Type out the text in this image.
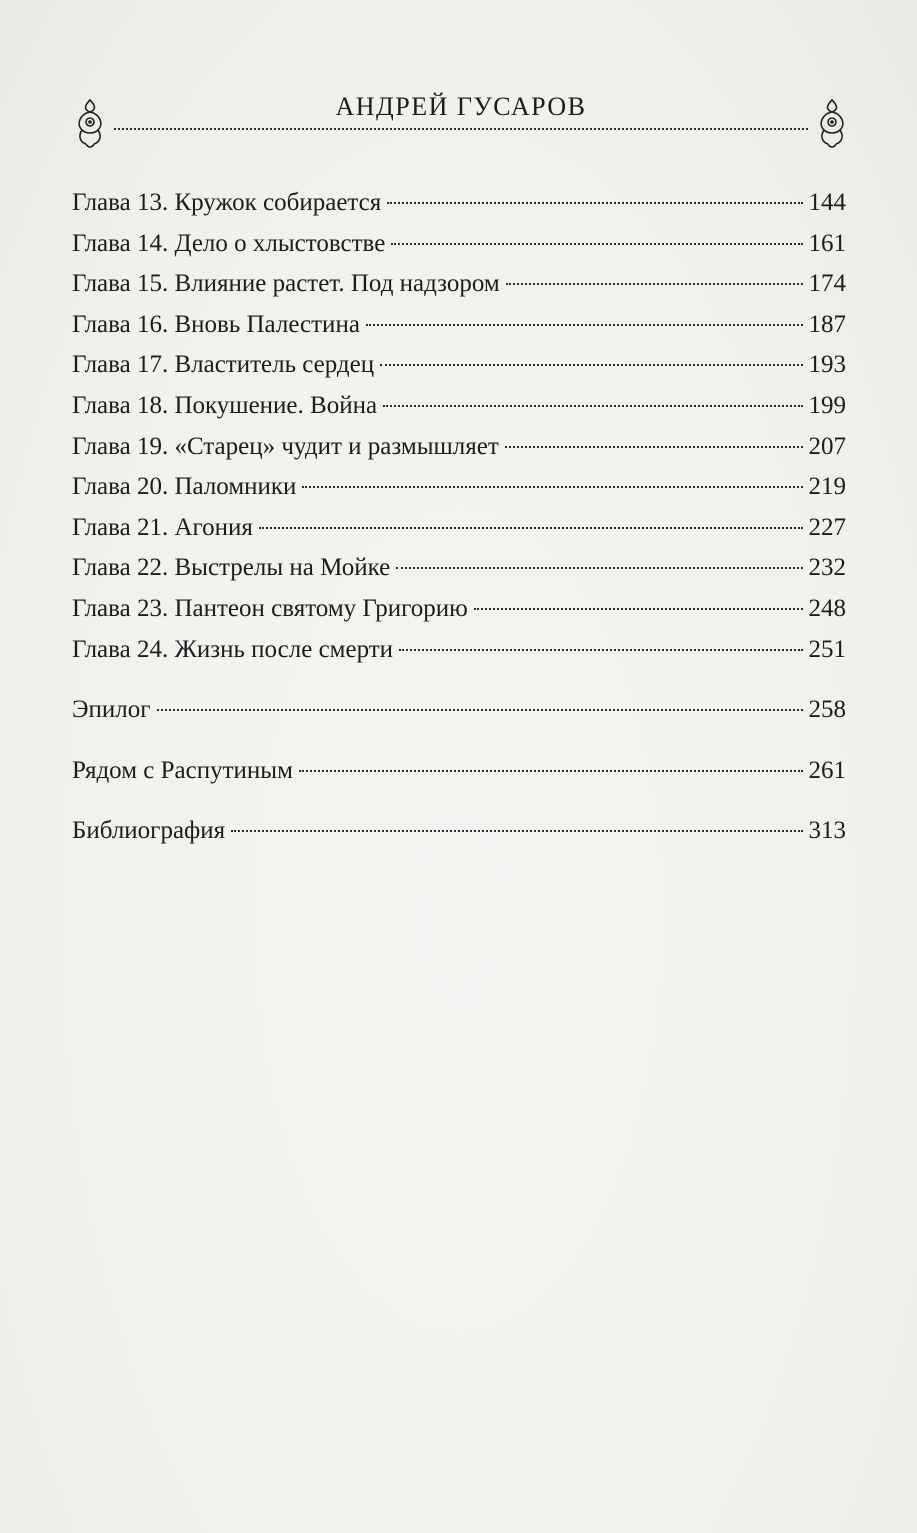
АНДРЕЙ ГУСАРОВ
Глава 13. Кружок собирается	144
Глава 14. Дело о хлыстовстве	161
Глава 15. Влияние растет. Под надзором	174
Глава 16. Вновь Палестина	187
Глава 17. Властитель сердец	193
Глава 18. Покушение. Война	199
Глава 19. «Старец» чудит и размышляет	207
Глава 20. Паломники	219
Глава 21. Агония	227
Глава 22. Выстрелы на Мойке	232
Глава 23. Пантеон святому Григорию	248
Глава 24. Жизнь после смерти	251
Эпилог	258
Рядом с Распутиным	261
Библиография	313
